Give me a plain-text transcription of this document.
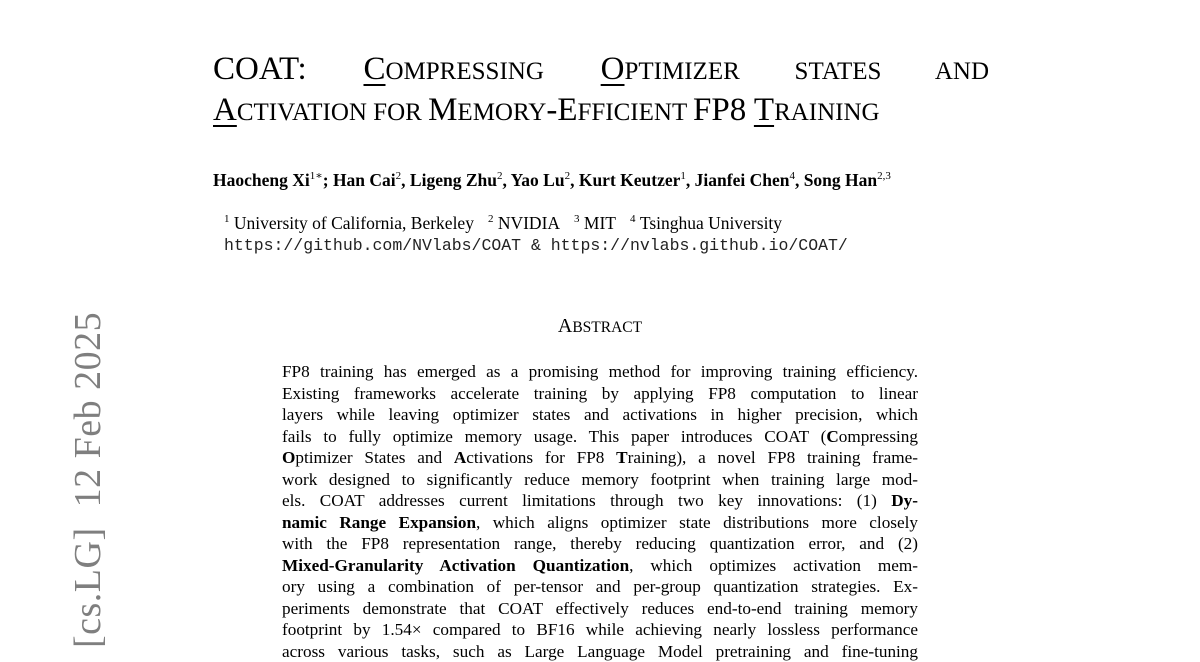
[cs.LG]  12 Feb 2025
COAT: COMPRESSING OPTIMIZER STATES AND
ACTIVATION FOR MEMORY-EFFICIENT FP8 TRAINING
Haocheng $Xi^{1∗}$; Han Cai$^2$, Ligeng Zhu$^2$, Yao Lu$^2$, Kurt Keutzer$^1$, Jianfei Chen$^4$, Song Han$^{2,3}$
$^1$ University of California, Berkeley $^2$ NVIDIA $^3$ MIT $^4$ Tsinghua University
https://github.com/NVlabs/COAT & https://nvlabs.github.io/COAT/
ABSTRACT
FP8 training has emerged as a promising method for improving training efficiency.
Existing frameworks accelerate training by applying FP8 computation to linear
layers while leaving optimizer states and activations in higher precision, which
fails to fully optimize memory usage. This paper introduces COAT (Compressing
Optimizer States and Activations for FP8 Training), a novel FP8 training frame-
work designed to significantly reduce memory footprint when training large mod-
els. COAT addresses current limitations through two key innovations: (1) Dy-
namic Range Expansion, which aligns optimizer state distributions more closely
with the FP8 representation range, thereby reducing quantization error, and (2)
Mixed-Granularity Activation Quantization, which optimizes activation mem-
ory using a combination of per-tensor and per-group quantization strategies. Ex-
periments demonstrate that COAT effectively reduces end-to-end training memory
footprint by 1.54× compared to BF16 while achieving nearly lossless performance
across various tasks, such as Large Language Model pretraining and fine-tuning
